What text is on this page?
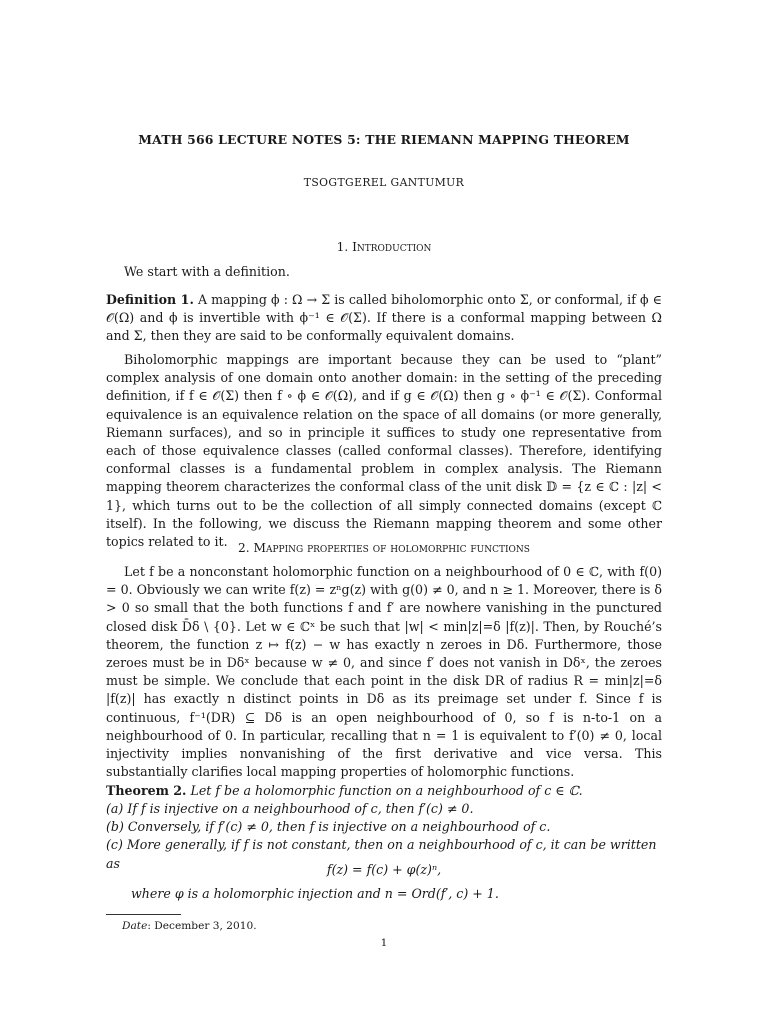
MATH 566 LECTURE NOTES 5: THE RIEMANN MAPPING THEOREM
TSOGTGEREL GANTUMUR
1. Introduction

We start with a definition.

Definition 1. A mapping ϕ : Ω → Σ is called biholomorphic onto Σ, or conformal, if ϕ ∈ 𝒪(Ω) and ϕ is invertible with ϕ⁻¹ ∈ 𝒪(Σ). If there is a conformal mapping between Ω and Σ, then they are said to be conformally equivalent domains.

Biholomorphic mappings are important because they can be used to “plant” complex analysis of one domain onto another domain: in the setting of the preceding definition, if f ∈ 𝒪(Σ) then f ∘ ϕ ∈ 𝒪(Ω), and if g ∈ 𝒪(Ω) then g ∘ ϕ⁻¹ ∈ 𝒪(Σ). Conformal equivalence is an equivalence relation on the space of all domains (or more generally, Riemann surfaces), and so in principle it suffices to study one representative from each of those equivalence classes (called conformal classes). Therefore, identifying conformal classes is a fundamental problem in complex analysis. The Riemann mapping theorem characterizes the conformal class of the unit disk 𝔻 = {z ∈ ℂ : |z| < 1}, which turns out to be the collection of all simply connected domains (except ℂ itself). In the following, we discuss the Riemann mapping theorem and some other topics related to it. 2. Mapping properties of holomorphic functions

Let f be a nonconstant holomorphic function on a neighbourhood of 0 ∈ ℂ, with f(0) = 0. Obviously we can write f(z) = zⁿg(z) with g(0) ≠ 0, and n ≥ 1. Moreover, there is δ > 0 so small that the both functions f and f′ are nowhere vanishing in the punctured closed disk D̄δ \ {0}. Let w ∈ ℂˣ be such that |w| < min|z|=δ |f(z)|. Then, by Rouché’s theorem, the function z ↦ f(z) − w has exactly n zeroes in Dδ. Furthermore, those zeroes must be in Dδˣ because w ≠ 0, and since f′ does not vanish in Dδˣ, the zeroes must be simple. We conclude that each point in the disk DR of radius R = min|z|=δ |f(z)| has exactly n distinct points in Dδ as its preimage set under f. Since f is continuous, f⁻¹(DR) ⊆ Dδ is an open neighbourhood of 0, so f is n-to-1 on a neighbourhood of 0. In particular, recalling that n = 1 is equivalent to f′(0) ≠ 0, local injectivity implies nonvanishing of the first derivative and vice versa. This substantially clarifies local mapping properties of holomorphic functions.

Theorem 2. Let f be a holomorphic function on a neighbourhood of c ∈ ℂ.

(a) If f is injective on a neighbourhood of c, then f′(c) ≠ 0.
(b) Conversely, if f′(c) ≠ 0, then f is injective on a neighbourhood of c.
(c) More generally, if f is not constant, then on a neighbourhood of c, it can be written as	f(z) = f(c) + φ(z)ⁿ,

where φ is a holomorphic injection and n = Ord(f′, c) + 1.

Date: December 3, 2010.
1
